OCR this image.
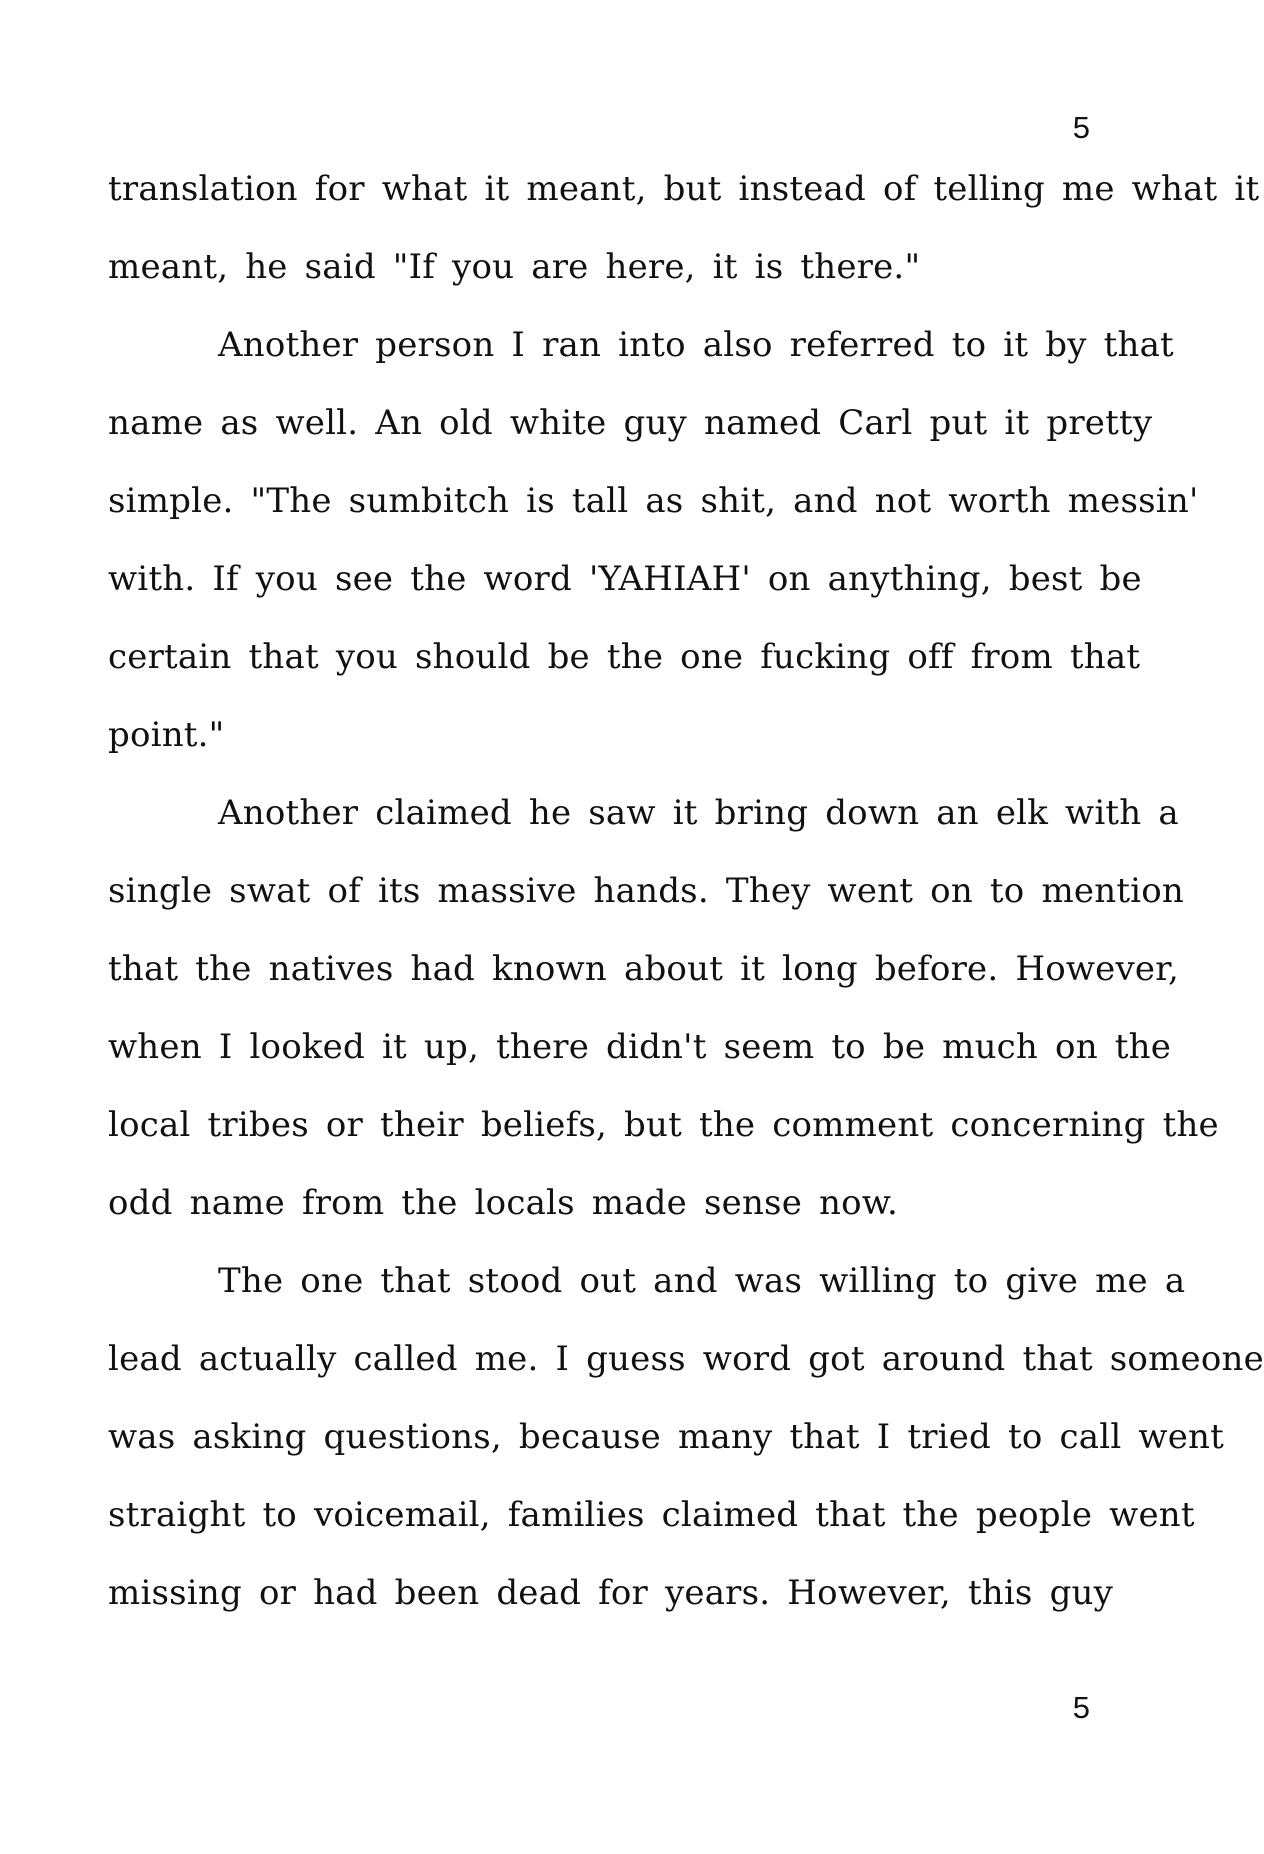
5
translation for what it meant, but instead of telling me what it
meant, he said "If you are here, it is there."
Another person I ran into also referred to it by that
name as well. An old white guy named Carl put it pretty
simple. "The sumbitch is tall as shit, and not worth messin'
with. If you see the word 'YAHIAH' on anything, best be
certain that you should be the one fucking off from that
point."
Another claimed he saw it bring down an elk with a
single swat of its massive hands. They went on to mention
that the natives had known about it long before. However,
when I looked it up, there didn't seem to be much on the
local tribes or their beliefs, but the comment concerning the
odd name from the locals made sense now.
The one that stood out and was willing to give me a
lead actually called me. I guess word got around that someone
was asking questions, because many that I tried to call went
straight to voicemail, families claimed that the people went
missing or had been dead for years. However, this guy
5
